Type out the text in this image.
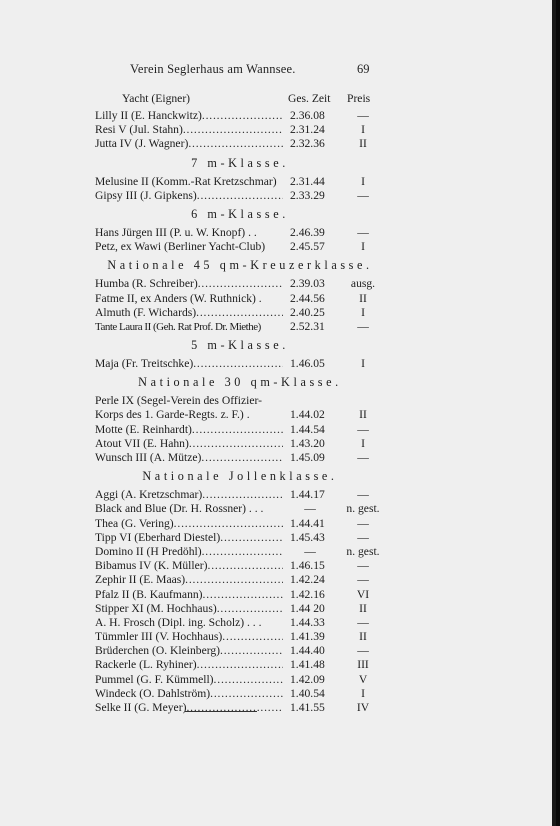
Verein Seglerhaus am Wannsee.	69
Yacht (Eigner)	Ges. Zeit Preis
Lilly II (E. Hanckwitz) .....	2.36.08	—
Resi V (Jul. Stahn) .....	2.31.24	I
Jutta IV (J. Wagner) .....	2.32.36	II
7 m-Klasse.
Melusine II (Komm.-Rat Kretzschmar)	2.31.44	I
Gipsy III (J. Gipkens) .....	2.33.29	—
6 m-Klasse.
Hans Jürgen III (P. u. W. Knopf) . .	2.46.39	—
Petz, ex Wawi (Berliner Yacht-Club)	2.45.57	I
Nationale 45 qm-Kreuzerklasse.
Humba (R. Schreiber) .....	2.39.03	ausg.
Fatme II, ex Anders (W. Ruthnick) .	2.44.56	II
Almuth (F. Wichards) .....	2.40.25	I
Tante Laura II (Geh. Rat Prof. Dr. Miethe)	2.52.31	—
5 m-Klasse.
Maja (Fr. Treitschke) .....	1.46.05	I
Nationale 30 qm-Klasse.
Perle IX (Segel-Verein des Offizier-
Korps des 1. Garde-Regts. z. F.) .	1.44.02	II
Motte (E. Reinhardt) .....	1.44.54	—
Atout VII (E. Hahn) .....	1.43.20	I
Wunsch III (A. Mütze) .....	1.45.09	—
Nationale Jollenklasse.
Aggi (A. Kretzschmar) .....	1.44.17	—
Black and Blue (Dr. H. Rossner) . . .	—	n. gest.
Thea (G. Vering) .....	1.44.41	—
Tipp VI (Eberhard Diestel) .....	1.45.43	—
Domino II (H Predöhl) .....	—	n. gest.
Bibamus IV (K. Müller) .....	1.46.15	—
Zephir II (E. Maas) .....	1.42.24	—
Pfalz II (B. Kaufmann) .....	1.42.16	VI
Stipper XI (M. Hochhaus) .....	1.44 20	II
A. H. Frosch (Dipl. ing. Scholz) . . .	1.44.33	—
Tümmler III (V. Hochhaus) .....	1.41.39	II
Brüderchen (O. Kleinberg) .....	1.44.40	—
Rackerle (L. Ryhiner) .....	1.41.48	III
Pummel (G. F. Kümmell) .....	1.42.09	V
Windeck (O. Dahlström) .....	1.40.54	I
Selke II (G. Meyer) .....	1.41.55	IV
